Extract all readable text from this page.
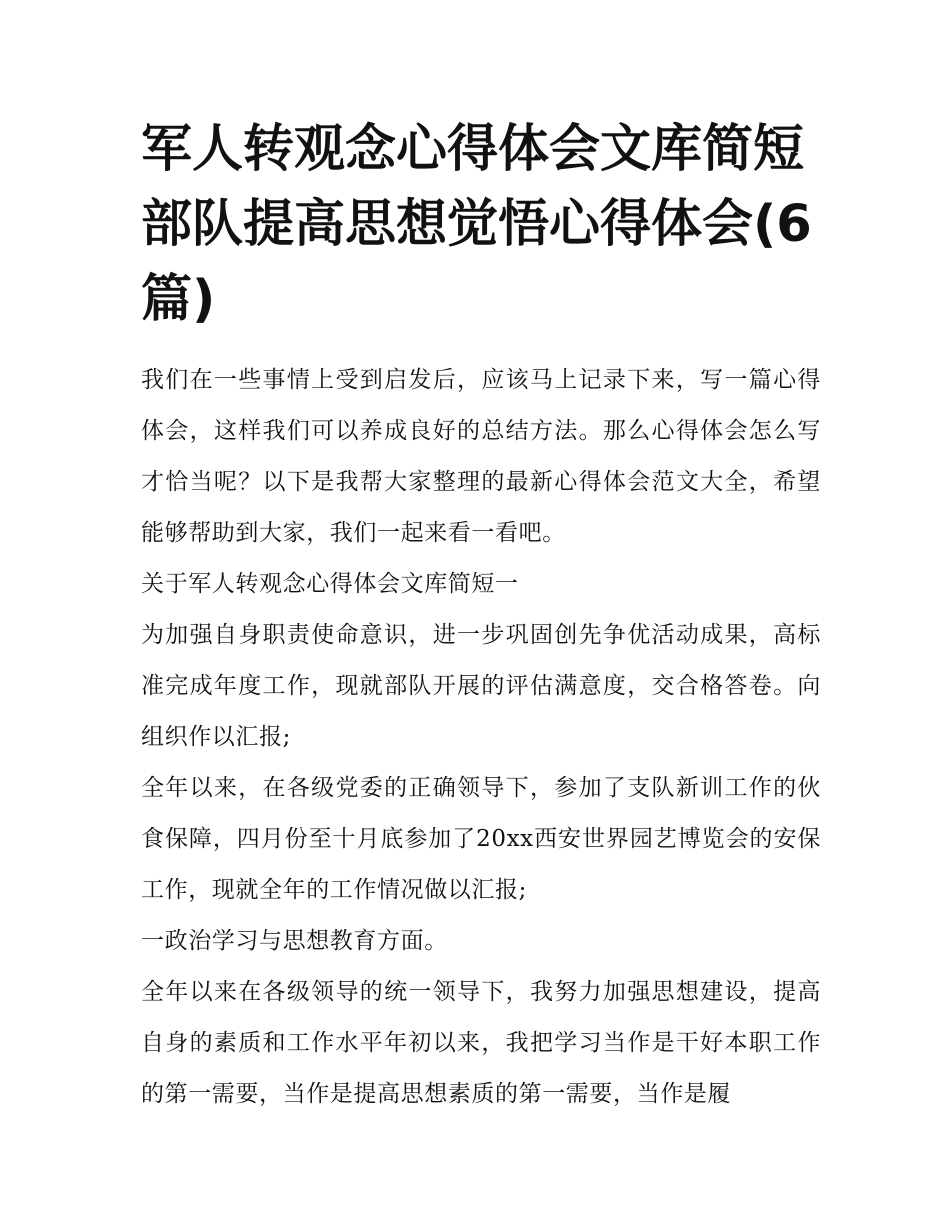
军人转观念心得体会文库简短部队提高思想觉悟心得体会(6篇)

我们在一些事情上受到启发后，应该马上记录下来，写一篇心得体会，这样我们可以养成良好的总结方法。那么心得体会怎么写才恰当呢？以下是我帮大家整理的最新心得体会范文大全，希望能够帮助到大家，我们一起来看一看吧。

关于军人转观念心得体会文库简短一

为加强自身职责使命意识，进一步巩固创先争优活动成果，高标准完成年度工作，现就部队开展的评估满意度，交合格答卷。向组织作以汇报;

全年以来，在各级党委的正确领导下，参加了支队新训工作的伙食保障，四月份至十月底参加了20xx西安世界园艺博览会的安保工作，现就全年的工作情况做以汇报;

一政治学习与思想教育方面。

全年以来在各级领导的统一领导下，我努力加强思想建设，提高自身的素质和工作水平年初以来，我把学习当作是干好本职工作的第一需要，当作是提高思想素质的第一需要，当作是履
